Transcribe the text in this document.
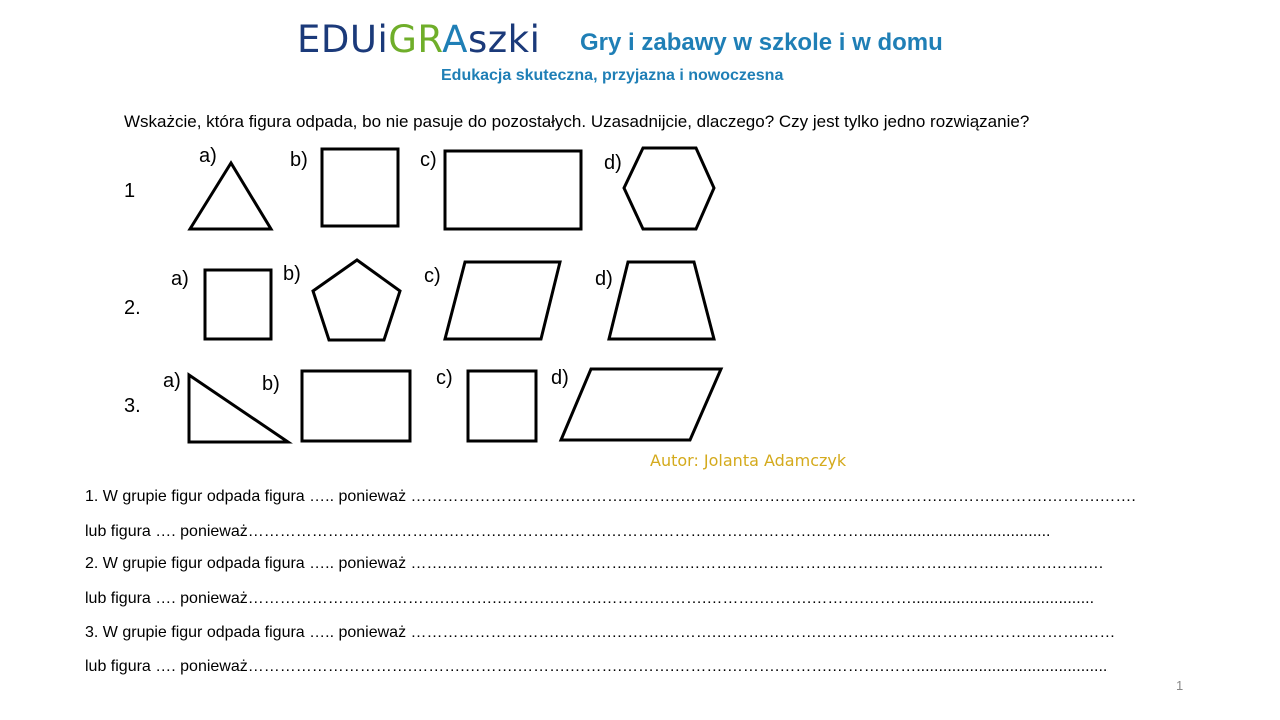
EDUiGRAszki Gry i zabawy w szkole i w domu
Edukacja skuteczna, przyjazna i nowoczesna
Wskażcie, która figura odpada, bo nie pasuje do pozostałych. Uzasadnijcie, dlaczego? Czy jest tylko jedno rozwiązanie?
1
2.
3.
a)	b)	c)	d)
a)	b)	c)	d)
a)	b)	c)	d)
Autor: Jolanta Adamczyk
1. W grupie figur odpada figura ….. ponieważ ………………………….……….……….……….……….……….……….……….……….……….……….…….
lub figura …. ponieważ……………………….……….……….……….……….……….……….……….……….………..........................................
2. W grupie figur odpada figura ….. ponieważ …….……………………….…….……….……….……….……….……….……….……….……….…….…
lub figura …. ponieważ……………………………….……….……….……….……….……….……….……….……….……….........................................
3. W grupie figur odpada figura ….. ponieważ ……………………….……….……….……….……….……….……….……….……….……….……….……
lub figura …. ponieważ………………………….……….……….……….……….……….……….……….……….……….……...........................................
1
